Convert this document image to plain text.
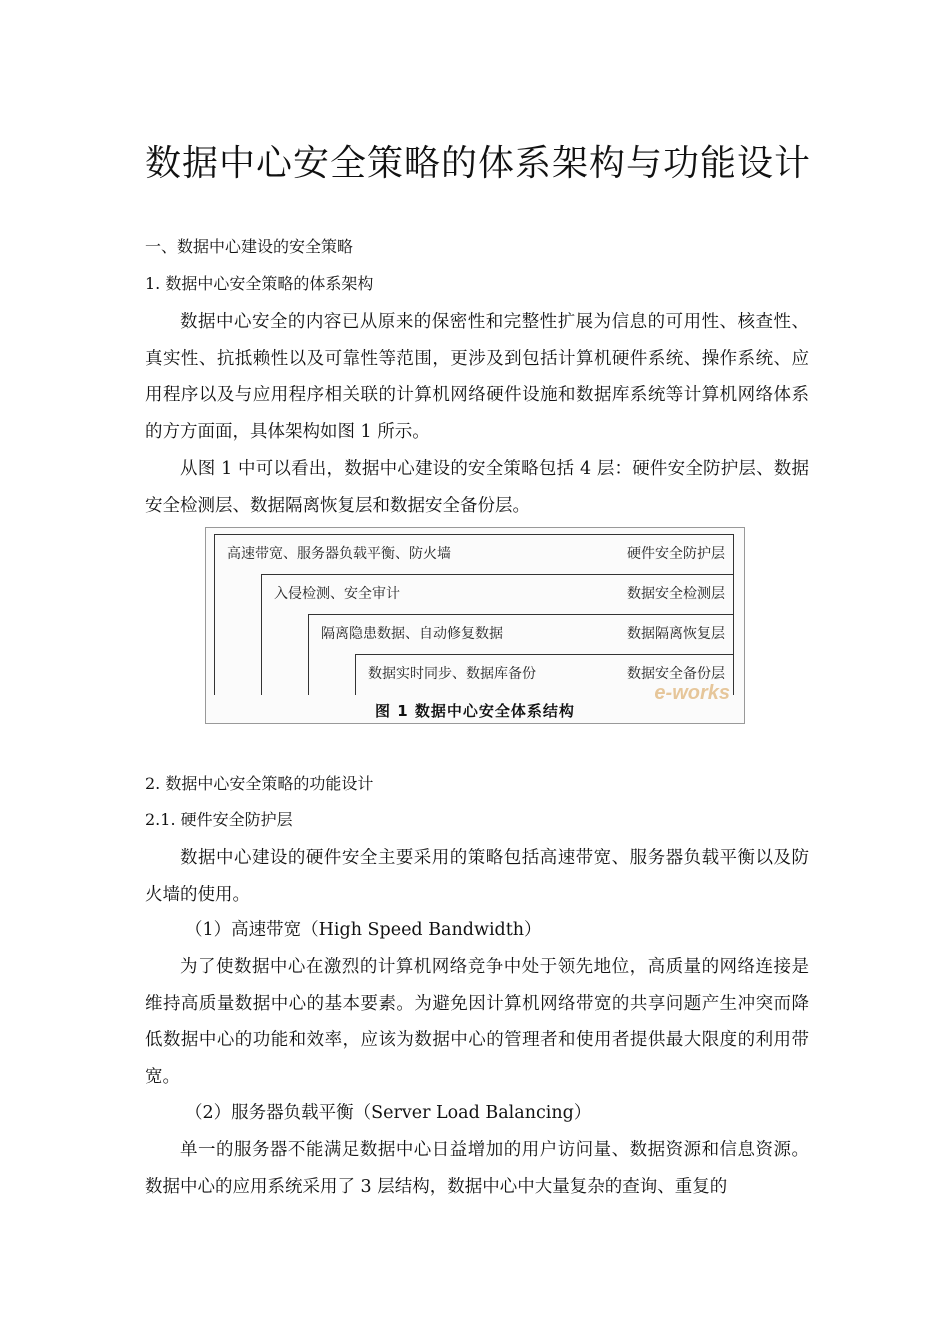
数据中心安全策略的体系架构与功能设计
一、数据中心建设的安全策略
1. 数据中心安全策略的体系架构
数据中心安全的内容已从原来的保密性和完整性扩展为信息的可用性、核查性、真实性、抗抵赖性以及可靠性等范围，更涉及到包括计算机硬件系统、操作系统、应用程序以及与应用程序相关联的计算机网络硬件设施和数据库系统等计算机网络体系的方方面面，具体架构如图 1 所示。
从图 1 中可以看出，数据中心建设的安全策略包括 4 层：硬件安全防护层、数据安全检测层、数据隔离恢复层和数据安全备份层。
高速带宽、服务器负载平衡、防火墙	硬件安全防护层
入侵检测、安全审计	数据安全检测层
隔离隐患数据、自动修复数据	数据隔离恢复层
数据实时同步、数据库备份	数据安全备份层
e-works
图 1 数据中心安全体系结构
2. 数据中心安全策略的功能设计
2.1. 硬件安全防护层
数据中心建设的硬件安全主要采用的策略包括高速带宽、服务器负载平衡以及防火墙的使用。
（1）高速带宽（High Speed Bandwidth）
为了使数据中心在激烈的计算机网络竞争中处于领先地位，高质量的网络连接是维持高质量数据中心的基本要素。为避免因计算机网络带宽的共享问题产生冲突而降低数据中心的功能和效率，应该为数据中心的管理者和使用者提供最大限度的利用带宽。
（2）服务器负载平衡（Server Load Balancing）
单一的服务器不能满足数据中心日益增加的用户访问量、数据资源和信息资源。数据中心的应用系统采用了 3 层结构，数据中心中大量复杂的查询、重复的
